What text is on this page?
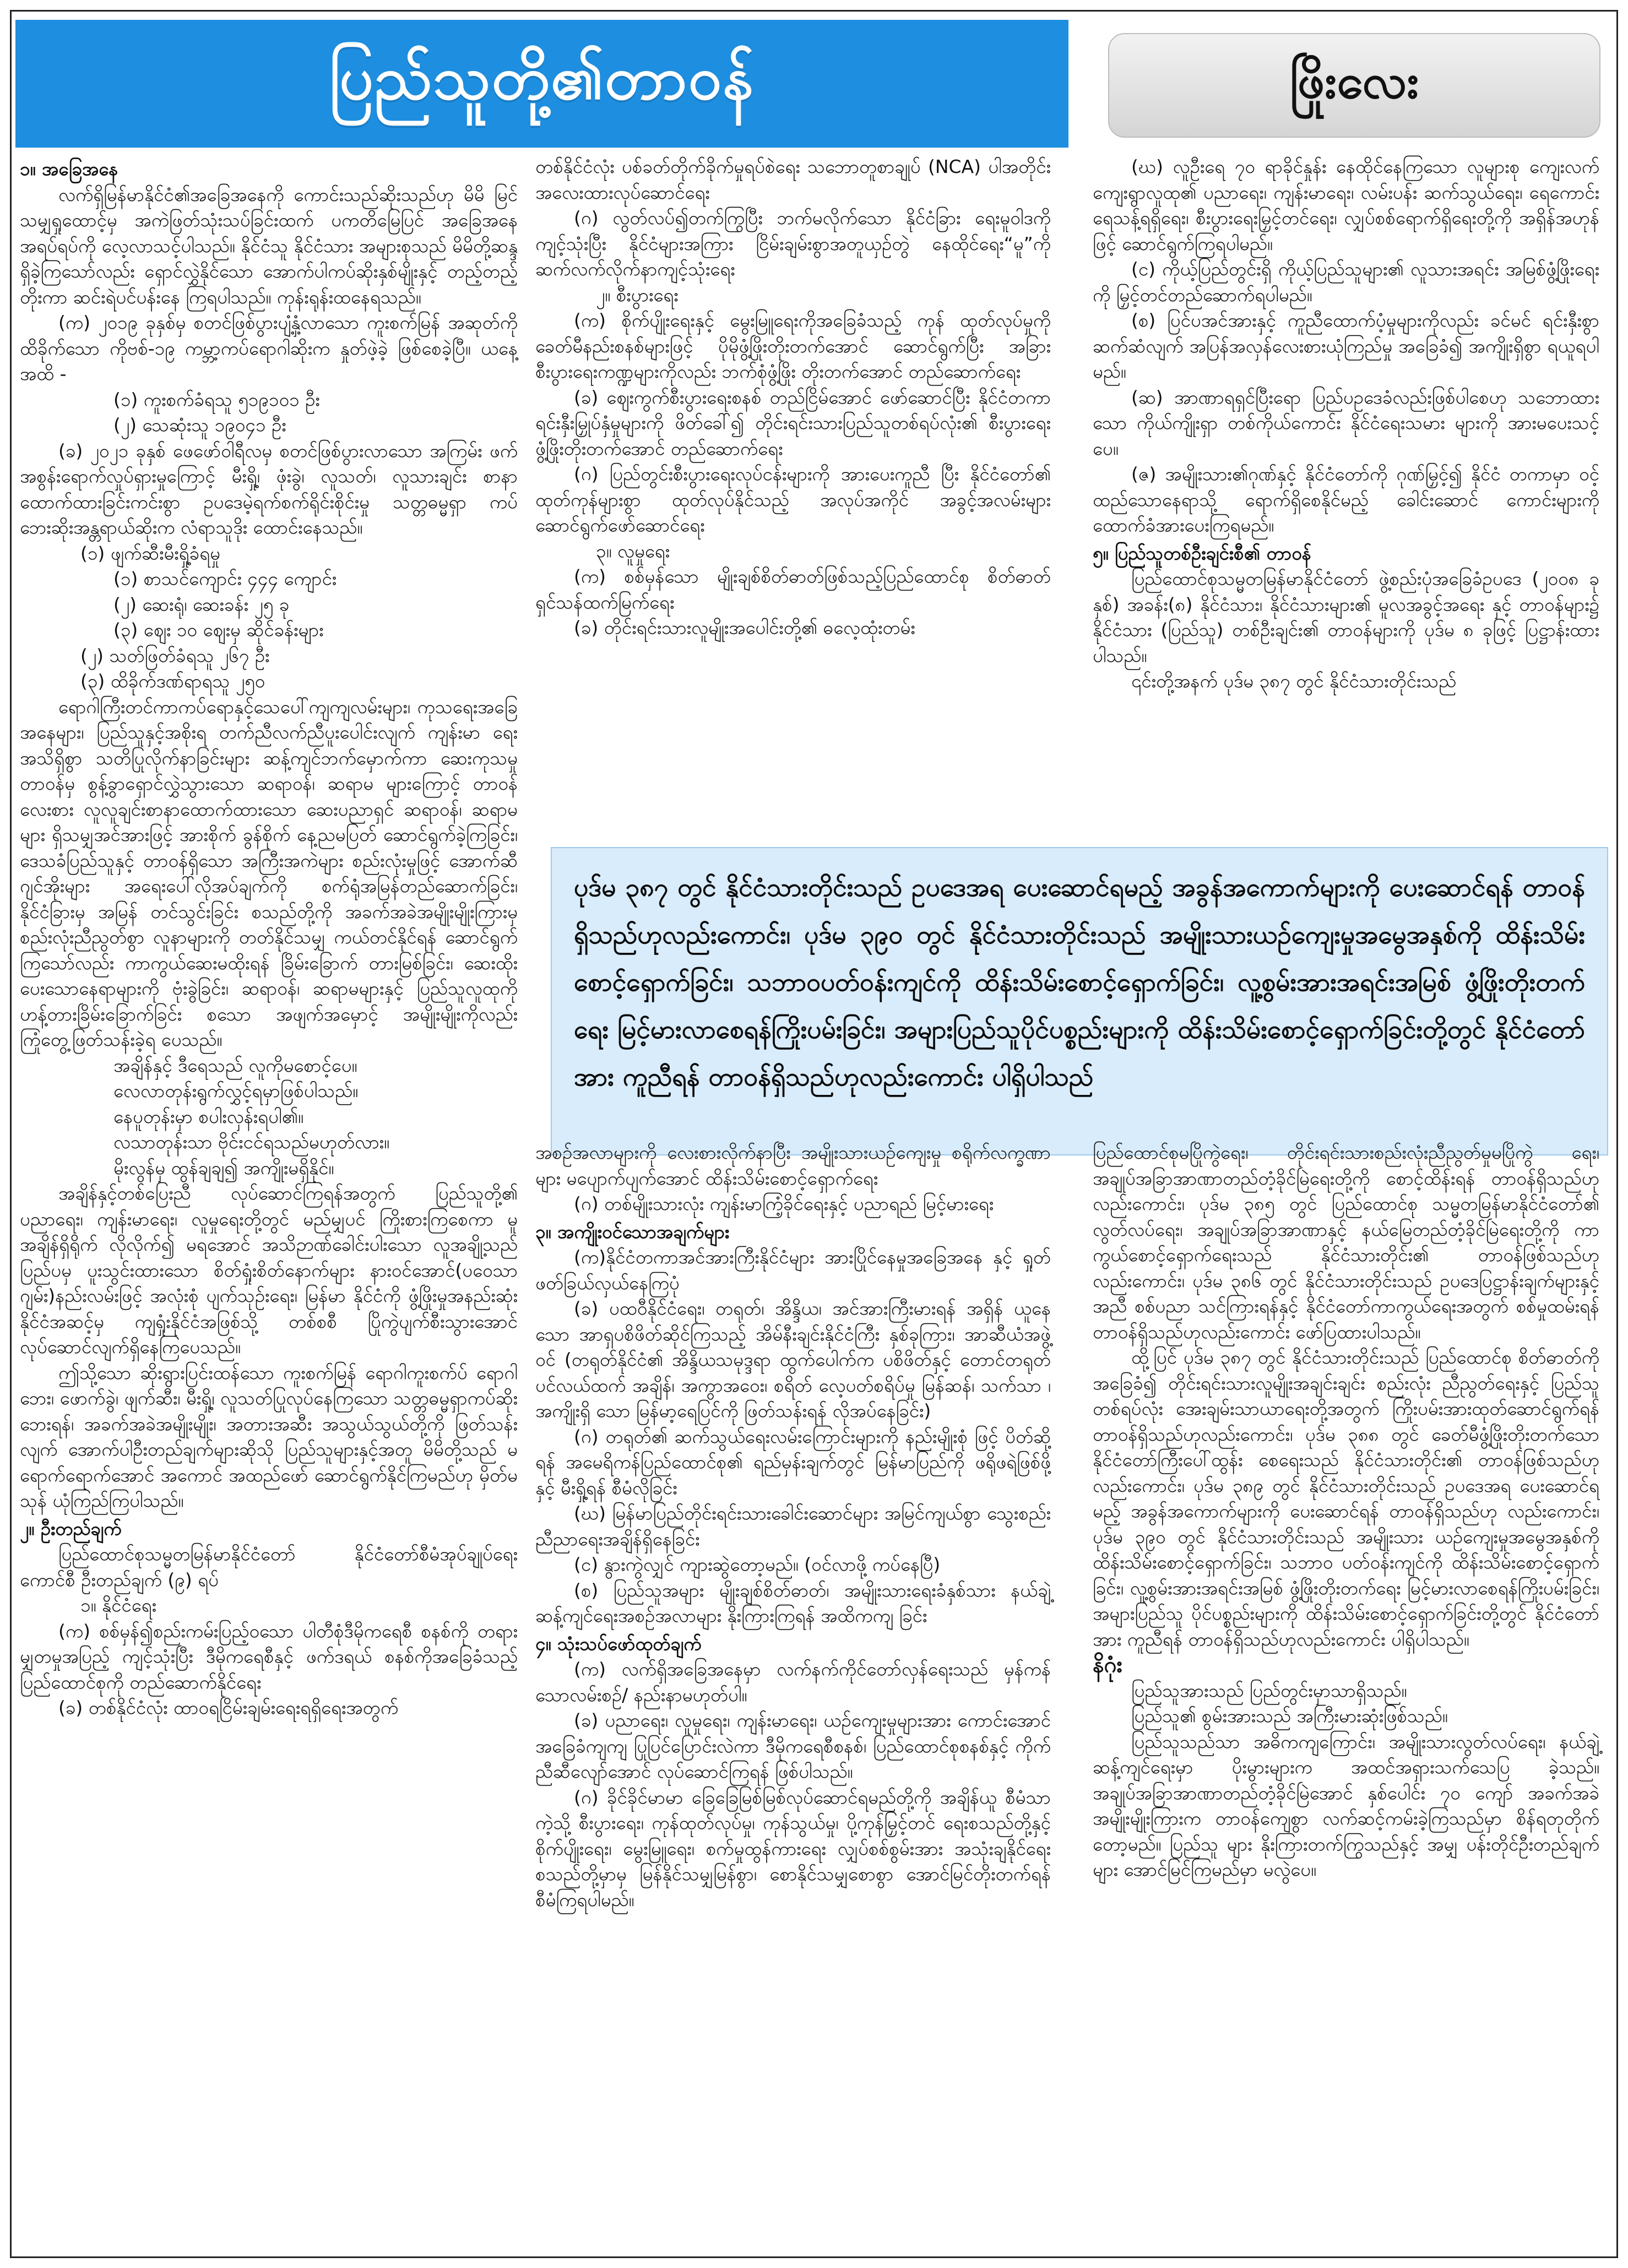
ပြည်သူတို့၏တာဝန်	ဖြိုးလေး

၁။ အခြေအနေ

လက်ရှိမြန်မာနိုင်ငံ၏အခြေအနေကို ကောင်းသည်ဆိုးသည်ဟု မိမိ မြင်သမျှရှုထောင့်မှ အကဲဖြတ်သုံးသပ်ခြင်းထက် ပကတိမြေပြင် အခြေအနေအရပ်ရပ်ကို လေ့လာသင့်ပါသည်။ နိုင်ငံသူ နိုင်ငံသား အများစုသည် မိမိတို့ဆန္ဒရှိခဲ့ကြသော်လည်း ရှောင်လွှဲနိုင်သော အောက်ပါကပ်ဆိုးနှစ်မျိုးနှင့် တည့်တည့်တိုးကာ ဆင်းရဲပင်ပန်းနေ ကြရပါသည်။ ကုန်းရုန်းထနေရသည်။

(က) ၂၀၁၉ ခုနှစ်မှ စတင်ဖြစ်ပွားပျံ့နှံ့လာသော ကူးစက်မြန် အဆုတ်ကိုထိခိုက်သော ကိုဗစ်-၁၉ ကမ္ဘာ့ကပ်ရောဂါဆိုးက နှုတ်ဖဲ့ခဲ့ ဖြစ်စေခဲ့ပြီ။ ယနေ့အထိ -

(၁) ကူးစက်ခံရသူ ၅၁၉၁၀၁ ဦး

(၂) သေဆုံးသူ ၁၉၀၄၁ ဦး

(ခ) ၂၀၂၁ ခုနှစ် ဖေဖော်ဝါရီလမှ စတင်ဖြစ်ပွားလာသော အကြမ်း ဖက်အစွန်းရောက်လှုပ်ရှားမှုကြောင့် မီးရှို့၊ ဖုံးခွဲ၊ လူသတ်၊ လူသားချင်း စာနာထောက်ထားခြင်းကင်းစွာ ဥပဒေမဲ့ရက်စက်ရိုင်းစိုင်းမှု သတ္တဓမ္မရှာ ကပ်ဘေးဆိုးအန္တရာယ်ဆိုးက လံရာသူဒိုး ထောင်းနေသည်။

(၁) ဖျက်ဆီးမီးရှို့ခံရမှု

(၁) စာသင်ကျောင်း ၄၄၄ ကျောင်း

(၂) ဆေးရုံ၊ ဆေးခန်း ၂၅ ခု

(၃) ဈေး ၁၀ ဈေးမှ ဆိုင်ခန်းများ

(၂) သတ်ဖြတ်ခံရသူ ၂၆၇ ဦး

(၃) ထိခိုက်ဒဏ်ရာရသူ ၂၅၀

ရောဂါကြီးတင်ကာကပ်ရောနှင့်သေပေါ်ကျကျလမ်းများ၊ ကုသရေးအခြေ အနေများ၊ ပြည်သူနှင့်အစိုးရ တက်ညီလက်ညီပူးပေါင်းလျက် ကျန်းမာ ရေး အသိရှိစွာ သတိပြုလိုက်နာခြင်းများ ဆန့်ကျင်ဘက်မှောက်ကာ ဆေးကုသမှုတာဝန်မှ စွန့်ခွာရှောင်လွှဲသွားသော ဆရာဝန်၊ ဆရာမ များကြောင့် တာဝန်လေးစား လူလူချင်းစာနာထောက်ထားသော ဆေးပညာရှင် ဆရာဝန်၊ ဆရာမများ ရှိသမျှအင်အားဖြင့် အားစိုက် ခွန်စိုက် နေ့ညမပြတ် ဆောင်ရွက်ခဲ့ကြခြင်း၊ ဒေသခံပြည်သူနှင့် တာဝန်ရှိသော အကြီးအကဲများ စည်းလုံးမှုဖြင့် အောက်ဆီဂျင်အိုးများ အရေးပေါ်လိုအပ်ချက်ကို စက်ရုံအမြန်တည်ဆောက်ခြင်း၊ နိုင်ငံခြားမှ အမြန် တင်သွင်းခြင်း စသည်တို့ကို အခက်အခဲအမျိုးမျိုးကြားမှ စည်းလုံးညီညွတ်စွာ လူနာများကို တတ်နိုင်သမျှ ကယ်တင်နိုင်ရန် ဆောင်ရွက်ကြသော်လည်း ကာကွယ်ဆေးမထိုးရန် ခြိမ်းခြောက် တားမြစ်ခြင်း၊ ဆေးထိုးပေးသောနေရာများကို ဗုံးခွဲခြင်း၊ ဆရာဝန်၊ ဆရာမများနှင့် ပြည်သူလူထုကို ဟန့်တားခြိမ်းခြောက်ခြင်း စသော အဖျက်အမှောင့် အမျိုးမျိုးကိုလည်း ကြုံတွေ့ဖြတ်သန်းခဲ့ရ ပေသည်။

အချိန်နှင့် ဒီရေသည် လူကိုမစောင့်ပေ။

လေလာတုန်းရွက်လွှင့်ရမှာဖြစ်ပါသည်။

နေပူတုန်းမှာ စပါးလှန်းရပါ၏။

လသာတုန်းသာ ဗိုင်းငင်ရသည်မဟုတ်လား။

မိုးလွန်မှ ထွန်ချချ၍ အကျိုးမရှိနိုင်။

အချိန်နှင့်တစ်ပြေးညီ လုပ်ဆောင်ကြရန်အတွက် ပြည်သူတို့၏ ပညာရေး၊ ကျန်းမာရေး၊ လူမှုရေးတို့တွင် မည်မျှပင် ကြိုးစားကြစေကာ မူ အချိန်ရှိရိုက် လိုလိုက်၍ မရအောင် အသိဉာဏ်ခေါင်းပါးသော လူအချို့သည် ပြည်ပမှ ပူးသွင်းထားသော စိတ်ရှုံးစိတ်နောက်များ နားဝင်အောင်(ပဝေသာဂျမ်း)နည်းလမ်းဖြင့် အလုံးစုံ ပျက်သုဉ်းရေး၊ မြန်မာ နိုင်ငံကို ဖွံ့ဖြိုးမှုအနည်းဆုံးနိုင်ငံအဆင့်မှ ကျရှုံးနိုင်ငံအဖြစ်သို့ တစ်စစီ ပြိုကွဲပျက်စီးသွားအောင် လုပ်ဆောင်လျက်ရှိနေကြပေသည်။

ဤသို့သော ဆိုးရွားပြင်းထန်သော ကူးစက်မြန် ရောဂါကူးစက်ပ် ရောဂါဘေး၊ ဖောက်ခွဲ၊ ဖျက်ဆီး၊ မီးရှို့၊ လူသတ်ပြုလုပ်နေကြသော သတ္တဓမ္မရှာကပ်ဆိုးဘေးရန်၊ အခက်အခဲအမျိုးမျိုး၊ အတားအဆီး အသွယ်သွယ်တို့ကို ဖြတ်သန်းလျက် အောက်ပါဦးတည်ချက်များဆိုသို ပြည်သူများနှင့်အတူ မိမိတို့သည် မရောက်ရောက်အောင် အကောင် အထည်ဖော် ဆောင်ရွက်နိုင်ကြမည်ဟု မှိတ်မသုန် ယုံကြည်ကြပါသည်။

၂။ ဦးတည်ချက်

ပြည်ထောင်စုသမ္မတမြန်မာနိုင်ငံတော် နိုင်ငံတော်စီမံအုပ်ချုပ်ရေး ကောင်စီ ဦးတည်ချက် (၉) ရပ်

၁။ နိုင်ငံရေး

(က) စစ်မှန်၍စည်းကမ်းပြည့်ဝသော ပါတီစုံဒီမိုကရေစီ စနစ်ကို တရားမျှတမှုအပြည့် ကျင့်သုံးပြီး ဒီမိုကရေစီနှင့် ဖက်ဒရယ် စနစ်ကိုအခြေခံသည့် ပြည်ထောင်စုကို တည်ဆောက်နိုင်ရေး

(ခ) တစ်နိုင်ငံလုံး ထာဝရငြိမ်းချမ်းရေးရရှိရေးအတွက်

တစ်နိုင်ငံလုံး ပစ်ခတ်တိုက်ခိုက်မှုရပ်စဲရေး သဘောတူစာချုပ် (NCA) ပါအတိုင်း အလေးထားလုပ်ဆောင်ရေး

(ဂ) လွတ်လပ်၍တက်ကြွပြီး ဘက်မလိုက်သော နိုင်ငံခြား ရေးမူဝါဒကို ကျင့်သုံးပြီး နိုင်ငံများအကြား ငြိမ်းချမ်းစွာအတူယှဉ်တွဲ နေထိုင်ရေး“မူ”ကို ဆက်လက်လိုက်နာကျင့်သုံးရေး

၂။ စီးပွားရေး

(က) စိုက်ပျိုးရေးနှင့် မွေးမြူရေးကိုအခြေခံသည့် ကုန် ထုတ်လုပ်မှုကို ခေတ်မီနည်းစနစ်များဖြင့် ပိုမိုဖွံ့ဖြိုးတိုးတက်အောင် ဆောင်ရွက်ပြီး အခြားစီးပွားရေးကဏ္ဍများကိုလည်း ဘက်စုံဖွံ့ဖြိုး တိုးတက်အောင် တည်ဆောက်ရေး

(ခ) ဈေးကွက်စီးပွားရေးစနစ် တည်ငြိမ်အောင် ဖော်ဆောင်ပြီး နိုင်ငံတကာရင်းနှီးမြှုပ်နှံမှုများကို ဖိတ်ခေါ်၍ တိုင်းရင်းသားပြည်သူတစ်ရပ်လုံး၏ စီးပွားရေးဖွံ့ဖြိုးတိုးတက်အောင် တည်ဆောက်ရေး

(ဂ) ပြည်တွင်းစီးပွားရေးလုပ်ငန်းများကို အားပေးကူညီ ပြီး နိုင်ငံတော်၏ ထုတ်ကုန်များစွာ ထုတ်လုပ်နိုင်သည့် အလုပ်အကိုင် အခွင့်အလမ်းများ ဆောင်ရွက်ဖော်ဆောင်ရေး

၃။ လူမှုရေး

(က) စစ်မှန်သော မျိုးချစ်စိတ်ဓာတ်ဖြစ်သည့်ပြည်ထောင်စု စိတ်ဓာတ်ရှင်သန်ထက်မြက်ရေး

(ခ) တိုင်းရင်းသားလူမျိုးအပေါင်းတို့၏ ဓလေ့ထုံးတမ်း

(ဃ) လူဦးရေ ၇၀ ရာခိုင်နှုန်း နေထိုင်နေကြသော လူများစု ကျေးလက်ကျေးရွာလူထု၏ ပညာရေး၊ ကျန်းမာရေး၊ လမ်းပန်း ဆက်သွယ်ရေး၊ ရေကောင်းရေသန့်ရရှိရေး၊ စီးပွားရေးမြှင့်တင်ရေး၊ လျှပ်စစ်ရောက်ရှိရေးတို့ကို အရှိန်အဟုန်ဖြင့် ဆောင်ရွက်ကြရပါမည်။

(င) ကိုယ့်ပြည်တွင်းရှိ ကိုယ့်ပြည်သူများ၏ လူသားအရင်း အမြစ်ဖွံ့ဖြိုးရေးကို မြှင့်တင်တည်ဆောက်ရပါမည်။

(စ) ပြင်ပအင်အားနှင့် ကူညီထောက်ပံ့မှုများကိုလည်း ခင်မင် ရင်းနှီးစွာ ဆက်ဆံလျက် အပြန်အလှန်လေးစားယုံကြည်မှု အခြေခံ၍ အကျိုးရှိစွာ ရယူရပါမည်။

(ဆ) အာဏာရရှင်ပြီးရော ပြည်ပဥဒေခံလည်းဖြစ်ပါစေဟု သဘောထားသော ကိုယ်ကျိုးရှာ တစ်ကိုယ်ကောင်း နိုင်ငံရေးသမား များကို အားမပေးသင့်ပေ။

(ဇ) အမျိုးသား၏ဂုဏ်နှင့် နိုင်ငံတော်ကို ဂုဏ်မြှင့်၍ နိုင်ငံ တကာမှာ ဝင့်ထည်သောနေရာသို့ ရောက်ရှိစေနိုင်မည့် ခေါင်းဆောင် ကောင်းများကို ထောက်ခံအားပေးကြရမည်။

၅။ ပြည်သူတစ်ဦးချင်းစီ၏ တာဝန်

ပြည်ထောင်စုသမ္မတမြန်မာနိုင်ငံတော် ဖွဲ့စည်းပုံအခြေခံဥပဒေ (၂၀၀၈ ခုနှစ်) အခန်း(၈) နိုင်ငံသား၊ နိုင်ငံသားများ၏ မူလအခွင့်အရေး နှင့် တာဝန်များ၌ နိုင်ငံသား (ပြည်သူ) တစ်ဦးချင်း၏ တာဝန်များကို ပုဒ်မ ၈ ခုဖြင့် ပြဋ္ဌာန်းထားပါသည်။

၎င်းတို့အနက် ပုဒ်မ ၃၈၇ တွင် နိုင်ငံသားတိုင်းသည်

ပုဒ်မ ၃၈၇ တွင် နိုင်ငံသားတိုင်းသည် ဥပဒေအရ ပေးဆောင်ရမည့် အခွန်အကောက်များကို ပေးဆောင်ရန် တာဝန် ရှိသည်ဟုလည်းကောင်း၊ ပုဒ်မ ၃၉၀ တွင် နိုင်ငံသားတိုင်းသည် အမျိုးသားယဉ်ကျေးမှုအမွေအနှစ်ကို ထိန်းသိမ်း စောင့်ရှောက်ခြင်း၊ သဘာဝပတ်ဝန်းကျင်ကို ထိန်းသိမ်းစောင့်ရှောက်ခြင်း၊ လူ့စွမ်းအားအရင်းအမြစ် ဖွံ့ဖြိုးတိုးတက်ရေး မြင့်မားလာစေရန်ကြိုးပမ်းခြင်း၊ အများပြည်သူပိုင်ပစ္စည်းများကို ထိန်းသိမ်းစောင့်ရှောက်ခြင်းတို့တွင် နိုင်ငံတော်အား ကူညီရန် တာဝန်ရှိသည်ဟုလည်းကောင်း ပါရှိပါသည်

အစဉ်အလာများကို လေးစားလိုက်နာပြီး အမျိုးသားယဉ်ကျေးမှု စရိုက်လက္ခဏာများ မပျောက်ပျက်အောင် ထိန်းသိမ်းစောင့်ရှောက်ရေး

(ဂ) တစ်မျိုးသားလုံး ကျန်းမာကြံ့ခိုင်ရေးနှင့် ပညာရည် မြင့်မားရေး

၃။ အကျိုးဝင်သောအချက်များ

(က)နိုင်ငံတကာအင်အားကြီးနိုင်ငံများ အားပြိုင်နေမှုအခြေအနေ နှင့် ရှုတ်ဖတ်ခြယ်လှယ်နေကြပုံ

(ခ) ပထဝီနိုင်ငံရေး၊ တရုတ်၊ အိန္ဒိယ၊ အင်အားကြီးမားရန် အရှိန် ယူနေသော အာရှပစိဖိတ်ဆိုင်ကြသည့် အိမ်နီးချင်းနိုင်ငံကြီး နှစ်ခုကြား၊ အာဆီယံအဖွဲ့ဝင် (တရုတ်နိုင်ငံ၏ အိန္ဒိယသမုဒ္ဒရာ ထွက်ပေါက်က ပစိဖိတ်နှင့် တောင်တရုတ်ပင်လယ်ထက် အချိန်၊ အကွာအဝေး၊ စရိတ် လေ့ပတ်စရိပ်မှု မြန်ဆန်၊ သက်သာ ၊ အကျိုးရှိ သော မြန်မာ့ရေပြင်ကို ဖြတ်သန်းရန် လိုအပ်နေခြင်း)

(ဂ) တရုတ်၏ ဆက်သွယ်ရေးလမ်းကြောင်းများကို နည်းမျိုးစုံ ဖြင့် ပိတ်ဆို့ရန် အမေရိကန်ပြည်ထောင်စု၏ ရည်မှန်းချက်တွင် မြန်မာပြည်ကို ဖရိုဖရဲဖြစ်ဖို့နှင့် မီးရှို့ရန် စီမံလိုခြင်း

(ဃ) မြန်မာပြည်တိုင်းရင်းသားခေါင်းဆောင်များ အမြင်ကျယ်စွာ သွေးစည်းညီညာရေးအချိန်ရှိနေခြင်း

(င) နွားကွဲလျှင် ကျားဆွဲတော့မည်။ (ဝင်လာဖို့ ကပ်နေပြီ)

(စ) ပြည်သူအများ မျိုးချစ်စိတ်ဓာတ်၊ အမျိုးသားရေးခံနှစ်သား နယ်ချဲ့ဆန့်ကျင်ရေးအစဉ်အလာများ နိုးကြားကြရန် အထိကကျ ခြင်း

၄။ သုံးသပ်ဖော်ထုတ်ချက်

(က) လက်ရှိအခြေအနေမှာ လက်နက်ကိုင်တော်လှန်ရေးသည် မှန်ကန်သောလမ်းစဉ်/ နည်းနာမဟုတ်ပါ။

(ခ) ပညာရေး၊ လူမှုရေး၊ ကျန်းမာရေး၊ ယဉ်ကျေးမှုများအား ကောင်းအောင် အခြေခံကျကျ ပြုပြင်ပြောင်းလဲကာ ဒီမိုကရေစီစနစ်၊ ပြည်ထောင်စုစနစ်နှင့် ကိုက်ညီဆီလျော်အောင် လုပ်ဆောင်ကြရန် ဖြစ်ပါသည်။

(ဂ) ခိုင်ခိုင်မာမာ ခြေခြေမြစ်မြစ်လုပ်ဆောင်ရမည်တို့ကို အချိန်ယူ စီမံသာကဲ့သို့ စီးပွားရေး၊ ကုန်ထုတ်လုပ်မှု၊ ကုန်သွယ်မှု၊ ပို့ကုန်မြှင့်တင် ရေးစသည်တို့နှင့် စိုက်ပျိုးရေး၊ မွေးမြူရေး၊ စက်မှုထွန်ကားရေး လျှပ်စစ်စွမ်းအား အသုံးချနိုင်ရေး စသည်တို့မှာမှ မြန်နိုင်သမျှမြန်စွာ၊ စောနိုင်သမျှစောစွာ အောင်မြင်တိုးတက်ရန် စီမံကြရပါမည်။

ပြည်ထောင်စုမပြိုကွဲရေး၊ တိုင်းရင်းသားစည်းလုံးညီညွတ်မှုမပြိုကွဲ ရေး၊ အချုပ်အခြာအာဏာတည်တံ့ခိုင်မြဲရေးတို့ကို စောင့်ထိန်းရန် တာဝန်ရှိသည်ဟုလည်းကောင်း၊ ပုဒ်မ ၃၈၅ တွင် ပြည်ထောင်စု သမ္မတမြန်မာနိုင်ငံတော်၏ လွတ်လပ်ရေး၊ အချုပ်အခြာအာဏာနှင့် နယ်မြေတည်တံ့ခိုင်မြဲရေးတို့ကို ကာကွယ်စောင့်ရှောက်ရေးသည် နိုင်ငံသားတိုင်း၏ တာဝန်ဖြစ်သည်ဟု လည်းကောင်း၊ ပုဒ်မ ၃၈၆ တွင် နိုင်ငံသားတိုင်းသည် ဥပဒေပြဋ္ဌာန်းချက်များနှင့်အညီ စစ်ပညာ သင်ကြားရန်နှင့် နိုင်ငံတော်ကာကွယ်ရေးအတွက် စစ်မှုထမ်းရန် တာဝန်ရှိသည်ဟုလည်းကောင်း ဖော်ပြထားပါသည်။

ထို့ပြင် ပုဒ်မ ၃၈၇ တွင် နိုင်ငံသားတိုင်းသည် ပြည်ထောင်စု စိတ်ဓာတ်ကို အခြေခံ၍ တိုင်းရင်းသားလူမျိုးအချင်းချင်း စည်းလုံး ညီညွတ်ရေးနှင့် ပြည်သူတစ်ရပ်လုံး အေးချမ်းသာယာရေးတို့အတွက် ကြိုးပမ်းအားထုတ်ဆောင်ရွက်ရန် တာဝန်ရှိသည်ဟုလည်းကောင်း၊ ပုဒ်မ ၃၈၈ တွင် ခေတ်မီဖွံ့ဖြိုးတိုးတက်သော နိုင်ငံတော်ကြီးပေါ်ထွန်း စေရေးသည် နိုင်ငံသားတိုင်း၏ တာဝန်ဖြစ်သည်ဟုလည်းကောင်း၊ ပုဒ်မ ၃၈၉ တွင် နိုင်ငံသားတိုင်းသည် ဥပဒေအရ ပေးဆောင်ရ မည့် အခွန်အကောက်များကို ပေးဆောင်ရန် တာဝန်ရှိသည်ဟု လည်းကောင်း၊ ပုဒ်မ ၃၉၀ တွင် နိုင်ငံသားတိုင်းသည် အမျိုးသား ယဉ်ကျေးမှုအမွေအနှစ်ကို ထိန်းသိမ်းစောင့်ရှောက်ခြင်း၊ သဘာဝ ပတ်ဝန်းကျင်ကို ထိန်းသိမ်းစောင့်ရှောက်ခြင်း၊ လူ့စွမ်းအားအရင်းအမြစ် ဖွံ့ဖြိုးတိုးတက်ရေး မြင့်မားလာစေရန်ကြိုးပမ်းခြင်း၊ အများပြည်သူ ပိုင်ပစ္စည်းများကို ထိန်းသိမ်းစောင့်ရှောက်ခြင်းတို့တွင် နိုင်ငံတော်အား ကူညီရန် တာဝန်ရှိသည်ဟုလည်းကောင်း ပါရှိပါသည်။

နိဂုံး

ပြည်သူအားသည် ပြည်တွင်းမှာသာရှိသည်။

ပြည်သူ၏ စွမ်းအားသည် အကြီးမားဆုံးဖြစ်သည်။

ပြည်သူသည်သာ အဓိကကျကြောင်း၊ အမျိုးသားလွတ်လပ်ရေး၊ နယ်ချဲ့ဆန့်ကျင်ရေးမှာ ပိုးမွားများက အထင်အရှားသက်သေပြ ခဲ့သည်။ အချုပ်အခြာအာဏာတည်တံ့ခိုင်မြဲအောင် နှစ်ပေါင်း ၇၀ ကျော် အခက်အခဲအမျိုးမျိုးကြားက တာဝန်ကျေစွာ လက်ဆင့်ကမ်းခဲ့ကြသည်မှာ စိန်ရတုတိုက်တော့မည်။ ပြည်သူ များ နိုးကြားတက်ကြွသည်နှင့် အမျှ ပန်းတိုင်ဦးတည်ချက်များ အောင်မြင်ကြမည်မှာ မလွဲပေ။
